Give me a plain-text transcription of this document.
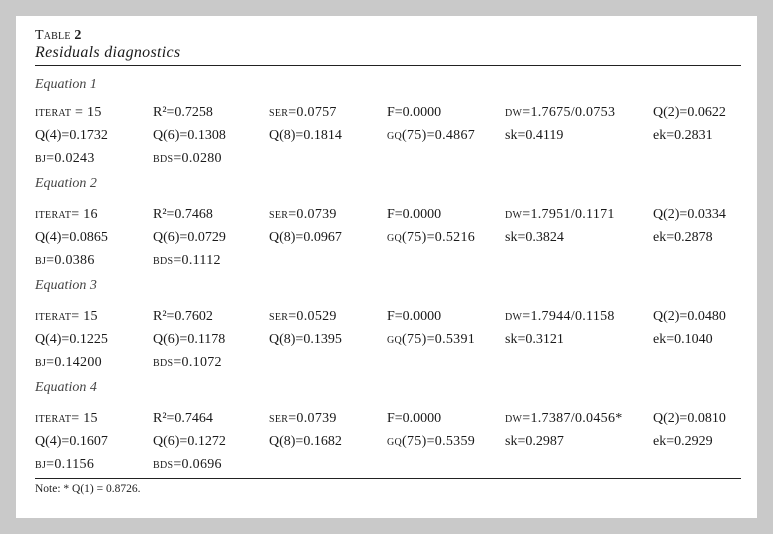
Table 2
Residuals diagnostics
Equation 1
iterat = 15	R²=0.7258	ser=0.0757	F=0.0000	dw=1.7675/0.0753	Q(2)=0.0622
Q(4)=0.1732	Q(6)=0.1308	Q(8)=0.1814	gq(75)=0.4867 sk=0.4119	ek=0.2831
bj=0.0243	bds=0.0280
Equation 2
iterat= 16	R²=0.7468	ser=0.0739	F=0.0000	dw=1.7951/0.1171	Q(2)=0.0334
Q(4)=0.0865	Q(6)=0.0729	Q(8)=0.0967	gq(75)=0.5216 sk=0.3824	ek=0.2878
bj=0.0386	bds=0.1112
Equation 3
iterat= 15	R²=0.7602	ser=0.0529	F=0.0000	dw=1.7944/0.1158	Q(2)=0.0480
Q(4)=0.1225	Q(6)=0.1178	Q(8)=0.1395	gq(75)=0.5391 sk=0.3121	ek=0.1040
bj=0.14200	bds=0.1072
Equation 4
iterat= 15	R²=0.7464	ser=0.0739	F=0.0000	dw=1.7387/0.0456* Q(2)=0.0810
Q(4)=0.1607	Q(6)=0.1272	Q(8)=0.1682	gq(75)=0.5359 sk=0.2987	ek=0.2929
bj=0.1156	bds=0.0696
Note: * Q(1) = 0.8726.
